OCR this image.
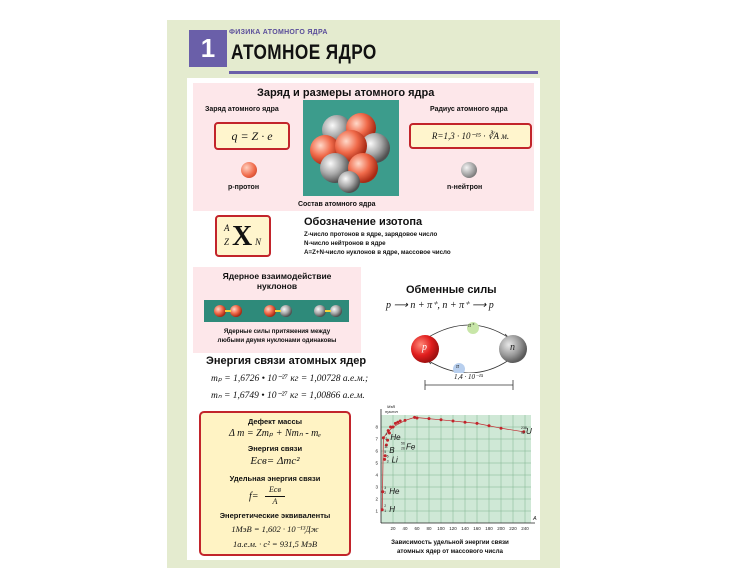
1
ФИЗИКА АТОМНОГО ЯДРА
АТОМНОЕ ЯДРО
Заряд и размеры атомного ядра
Заряд атомного ядра	Радиус атомного ядра
q = Z · e	R=1,3 · 10⁻¹⁵ · ∛A м.
p-протон
Состав атомного ядра
n-нейтрон
A
Z X N
Обозначение изотопа
Z-число протонов в ядре, зарядовое число
N-число нейтронов в ядре
A=Z+N-число нуклонов в ядре, массовое число
Ядерное взаимодействие
нуклонов
Ядерные силы притяжения между
любыми двумя нуклонами одинаковы
Обменные силы
p ⟶ n + π⁺, n + π⁺ ⟶ p
p	n
π⁺
π
1,4 · 10⁻¹⁵
Энергия связи атомных ядер
mₚ = 1,6726 • 10⁻²⁷ кг = 1,00728 а.е.м.;
mₙ = 1,6749 • 10⁻²⁷ кг = 1,00866 а.е.м.
Дефект массы
Δ m = Zmₚ + Nmₙ - mₑ
Энергия связи
Eсв= Δmc²
Удельная энергия связи
f=
Eсв
A
Энергетические эквиваленты
1МэВ = 1,602 · 10⁻¹³Дж
1а.е.м. · c² = 931,5 МэВ
20 40 60 80 100 120 140 160 180 200 220 240
1
2
3
4
5
6
7
8
A
МэВ
нуклон
4
2 He
56
26 Fe
11
5 B
6
3 Li
238
92 U
3
2 He
2
1 H
Зависимость удельной энергии связи
атомных ядер от массового числа
